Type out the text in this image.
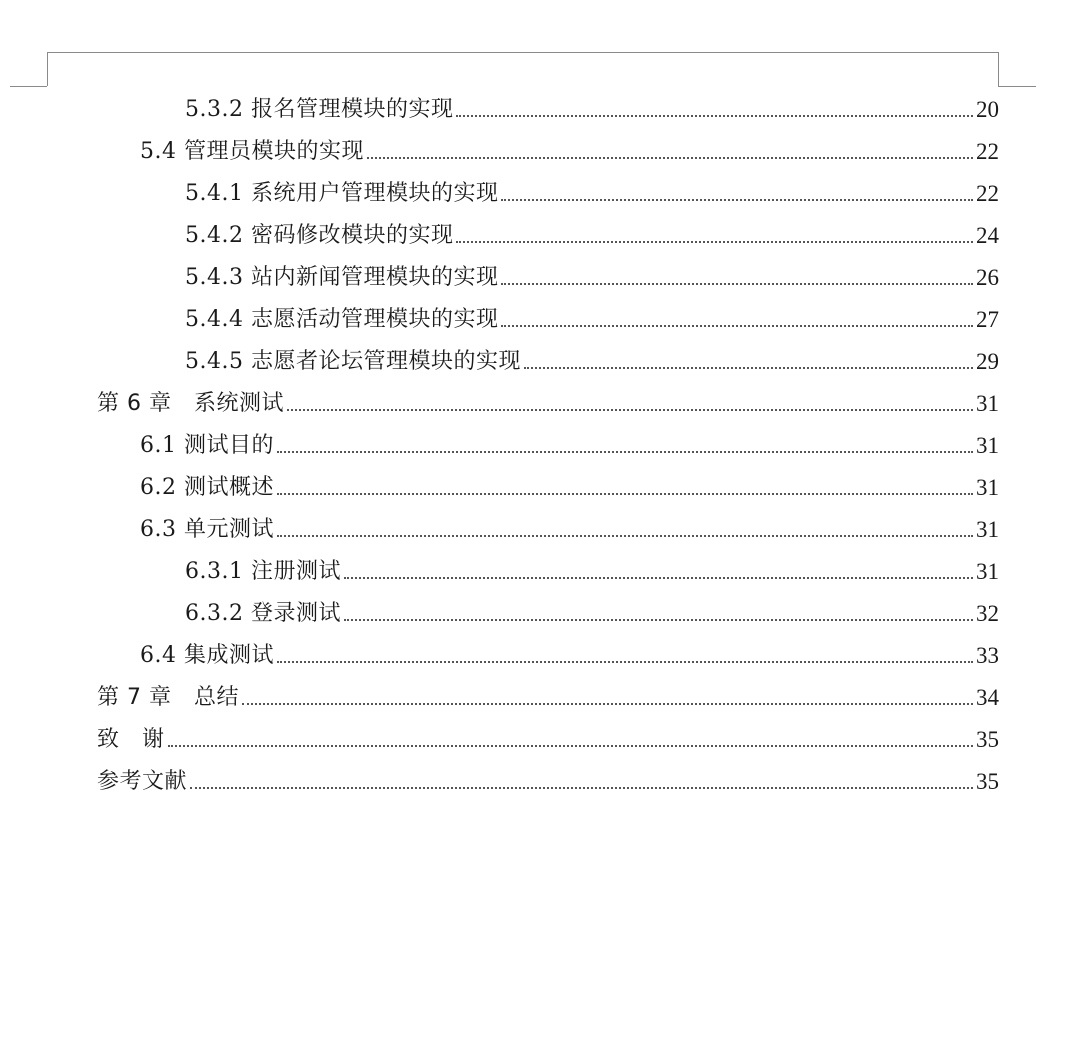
5.3.2 报名管理模块的实现	20
5.4 管理员模块的实现	22
5.4.1 系统用户管理模块的实现	22
5.4.2 密码修改模块的实现	24
5.4.3 站内新闻管理模块的实现	26
5.4.4 志愿活动管理模块的实现	27
5.4.5 志愿者论坛管理模块的实现	29
第 6 章　系统测试	31
6.1 测试目的	31
6.2 测试概述	31
6.3 单元测试	31
6.3.1 注册测试	31
6.3.2 登录测试	32
6.4 集成测试	33
第 7 章　总结	34
致　谢	35
参考文献	35
